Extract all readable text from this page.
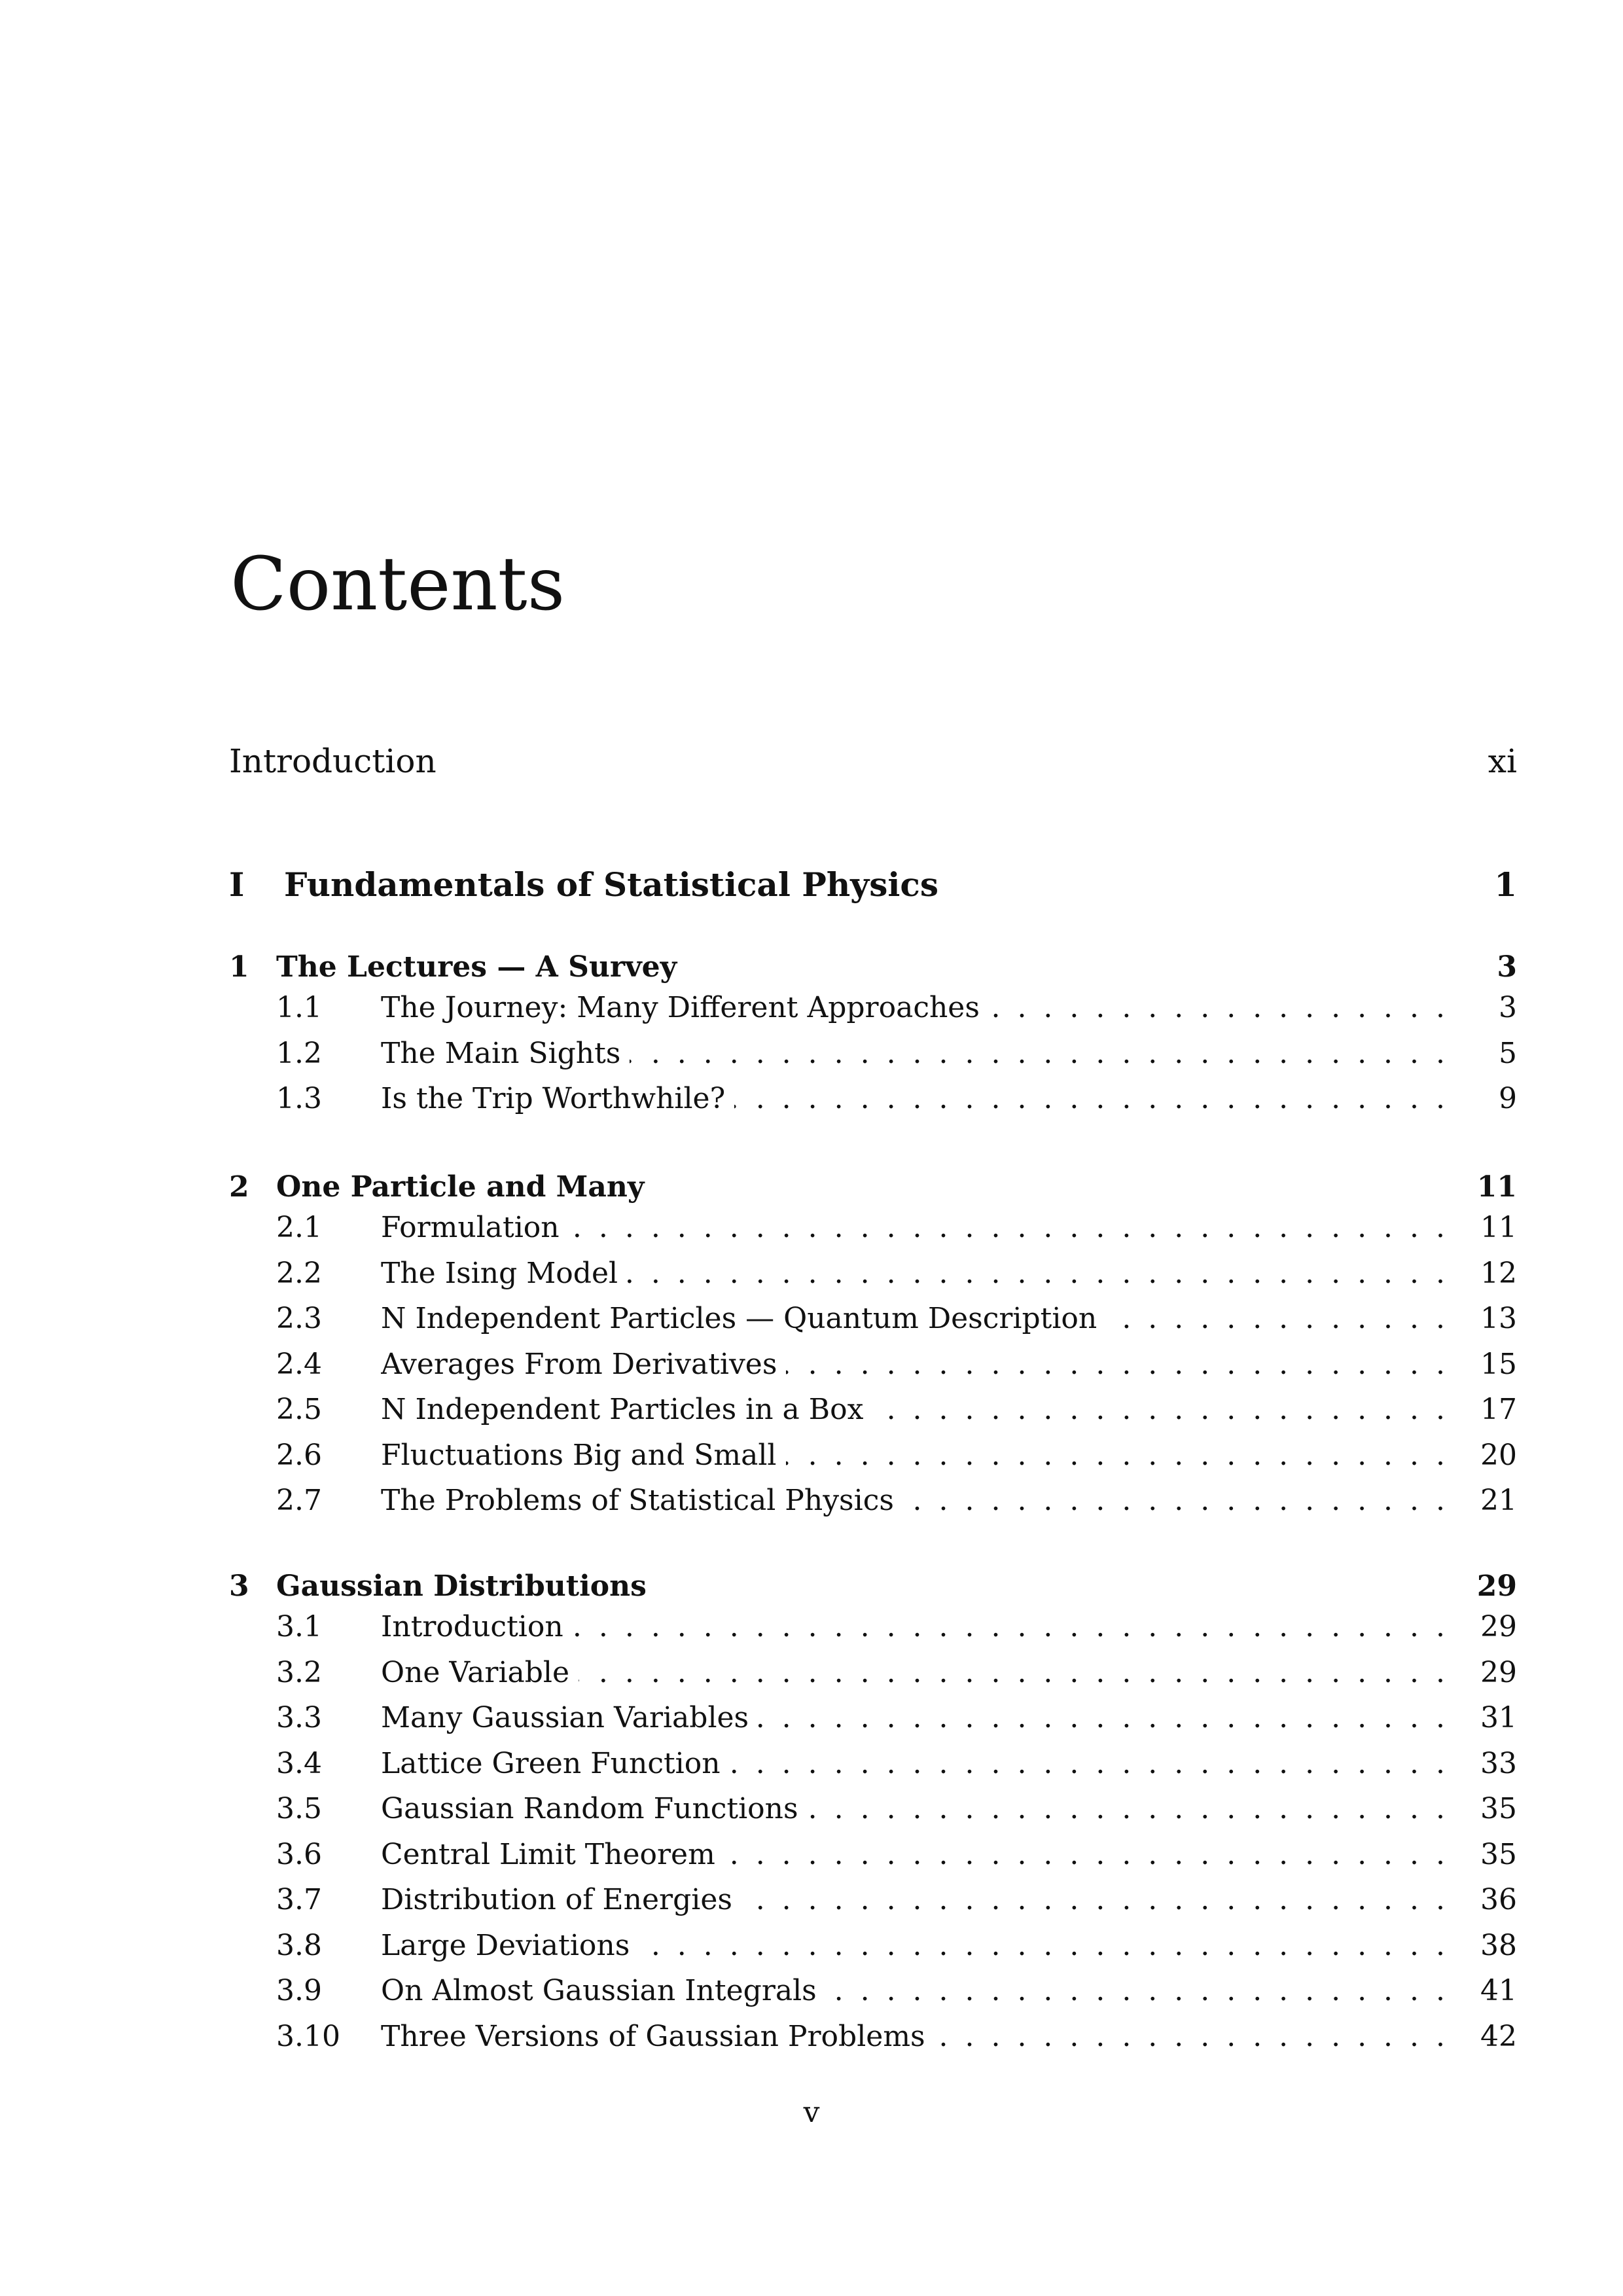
Contents
Introduction	xi
I	Fundamentals of Statistical Physics	1
1 The Lectures — A Survey	3
1.1	The Journey: Many Different Approaches . . .	3
1.2	The Main Sights . . .	5
1.3	Is the Trip Worthwhile? . . .	9
2 One Particle and Many	11
2.1	Formulation . . .	11
2.2	The Ising Model . . .	12
2.3	N Independent Particles — Quantum Description . . .	13
2.4	Averages From Derivatives . . .	15
2.5	N Independent Particles in a Box . . .	17
2.6	Fluctuations Big and Small . . .	20
2.7	The Problems of Statistical Physics . . .	21
3 Gaussian Distributions	29
3.1	Introduction . . .	29
3.2	One Variable . . .	29
3.3	Many Gaussian Variables . . .	31
3.4	Lattice Green Function . . .	33
3.5	Gaussian Random Functions . . .	35
3.6	Central Limit Theorem . . .	35
3.7	Distribution of Energies . . .	36
3.8	Large Deviations . . .	38
3.9	On Almost Gaussian Integrals . . .	41
3.10	Three Versions of Gaussian Problems . . .	42
v
